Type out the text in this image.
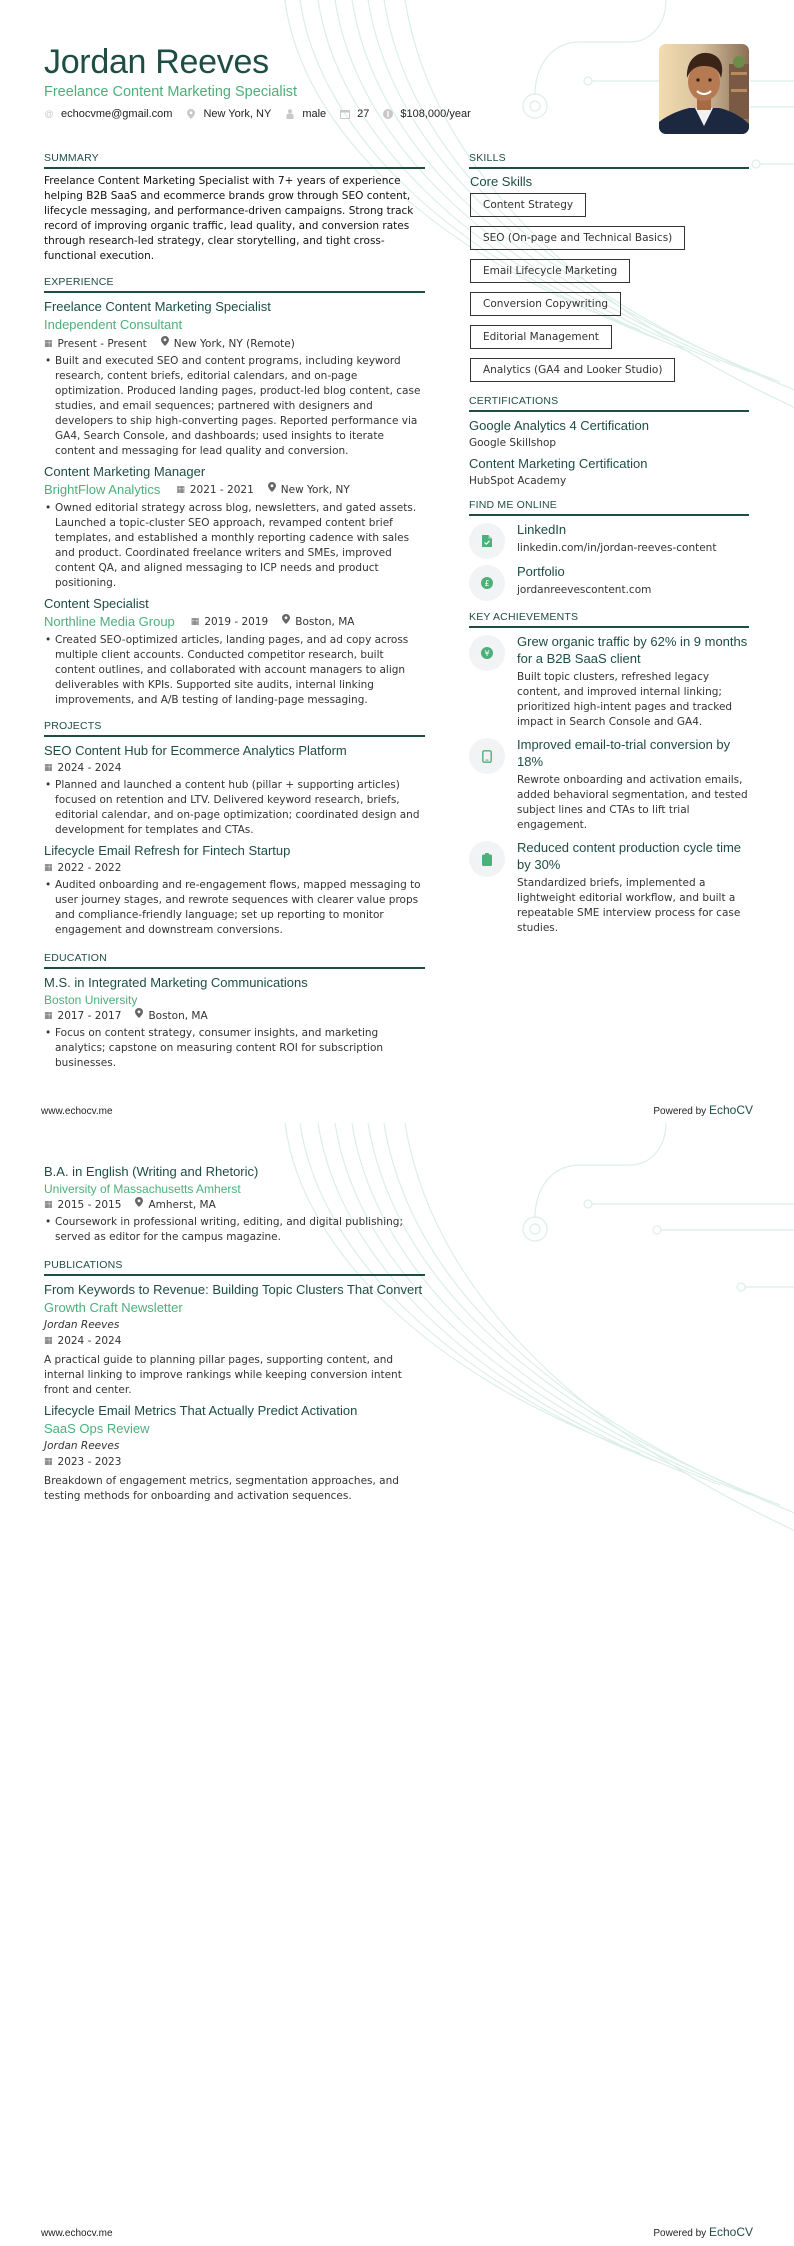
Jordan Reeves
Freelance Content Marketing Specialist
@ echocvme@gmail.com	New York, NY	male	27	$108,000/year
SUMMARY
Freelance Content Marketing Specialist with 7+ years of experience helping B2B SaaS and ecommerce brands grow through SEO content, lifecycle messaging, and performance-driven campaigns. Strong track record of improving organic traffic, lead quality, and conversion rates through research-led strategy, clear storytelling, and tight cross-functional execution.
EXPERIENCE
Freelance Content Marketing Specialist
Independent Consultant
▦ Present - Present	New York, NY (Remote)
• Built and executed SEO and content programs, including keyword research, content briefs, editorial calendars, and on-page optimization. Produced landing pages, product-led blog content, case studies, and email sequences; partnered with designers and developers to ship high-converting pages. Reported performance via GA4, Search Console, and dashboards; used insights to iterate content and messaging for lead quality and conversion.
Content Marketing Manager
BrightFlow Analytics ▦ 2021 - 2021	New York, NY
• Owned editorial strategy across blog, newsletters, and gated assets. Launched a topic-cluster SEO approach, revamped content brief templates, and established a monthly reporting cadence with sales and product. Coordinated freelance writers and SMEs, improved content QA, and aligned messaging to ICP needs and product positioning.
Content Specialist
Northline Media Group ▦ 2019 - 2019	Boston, MA
• Created SEO-optimized articles, landing pages, and ad copy across multiple client accounts. Conducted competitor research, built content outlines, and collaborated with account managers to align deliverables with KPIs. Supported site audits, internal linking improvements, and A/B testing of landing-page messaging.
PROJECTS
SEO Content Hub for Ecommerce Analytics Platform
▦ 2024 - 2024
• Planned and launched a content hub (pillar + supporting articles) focused on retention and LTV. Delivered keyword research, briefs, editorial calendar, and on-page optimization; coordinated design and development for templates and CTAs.
Lifecycle Email Refresh for Fintech Startup
▦ 2022 - 2022
• Audited onboarding and re-engagement flows, mapped messaging to user journey stages, and rewrote sequences with clearer value props and compliance-friendly language; set up reporting to monitor engagement and downstream conversions.
EDUCATION
M.S. in Integrated Marketing Communications
Boston University
▦ 2017 - 2017	Boston, MA
• Focus on content strategy, consumer insights, and marketing analytics; capstone on measuring content ROI for subscription businesses.
SKILLS
Core Skills
Content Strategy
SEO (On-page and Technical Basics)
Email Lifecycle Marketing
Conversion Copywriting
Editorial Management
Analytics (GA4 and Looker Studio)
CERTIFICATIONS
Google Analytics 4 Certification
Google Skillshop
Content Marketing Certification
HubSpot Academy
FIND ME ONLINE
LinkedIn
linkedin.com/in/jordan-reeves-content
£
Portfolio
jordanreevescontent.com
KEY ACHIEVEMENTS
¥
Grew organic traffic by 62% in 9 months for a B2B SaaS client
Built topic clusters, refreshed legacy content, and improved internal linking; prioritized high-intent pages and tracked impact in Search Console and GA4.
Improved email-to-trial conversion by 18%
Rewrote onboarding and activation emails, added behavioral segmentation, and tested subject lines and CTAs to lift trial engagement.
Reduced content production cycle time by 30%
Standardized briefs, implemented a lightweight editorial workflow, and built a repeatable SME interview process for case studies.
www.echocv.me	Powered by EchoCV
B.A. in English (Writing and Rhetoric)
University of Massachusetts Amherst
▦ 2015 - 2015	Amherst, MA
• Coursework in professional writing, editing, and digital publishing; served as editor for the campus magazine.
PUBLICATIONS
From Keywords to Revenue: Building Topic Clusters That Convert
Growth Craft Newsletter
Jordan Reeves
▦ 2024 - 2024
A practical guide to planning pillar pages, supporting content, and internal linking to improve rankings while keeping conversion intent front and center.
Lifecycle Email Metrics That Actually Predict Activation
SaaS Ops Review
Jordan Reeves
▦ 2023 - 2023
Breakdown of engagement metrics, segmentation approaches, and testing methods for onboarding and activation sequences.
www.echocv.me	Powered by EchoCV
